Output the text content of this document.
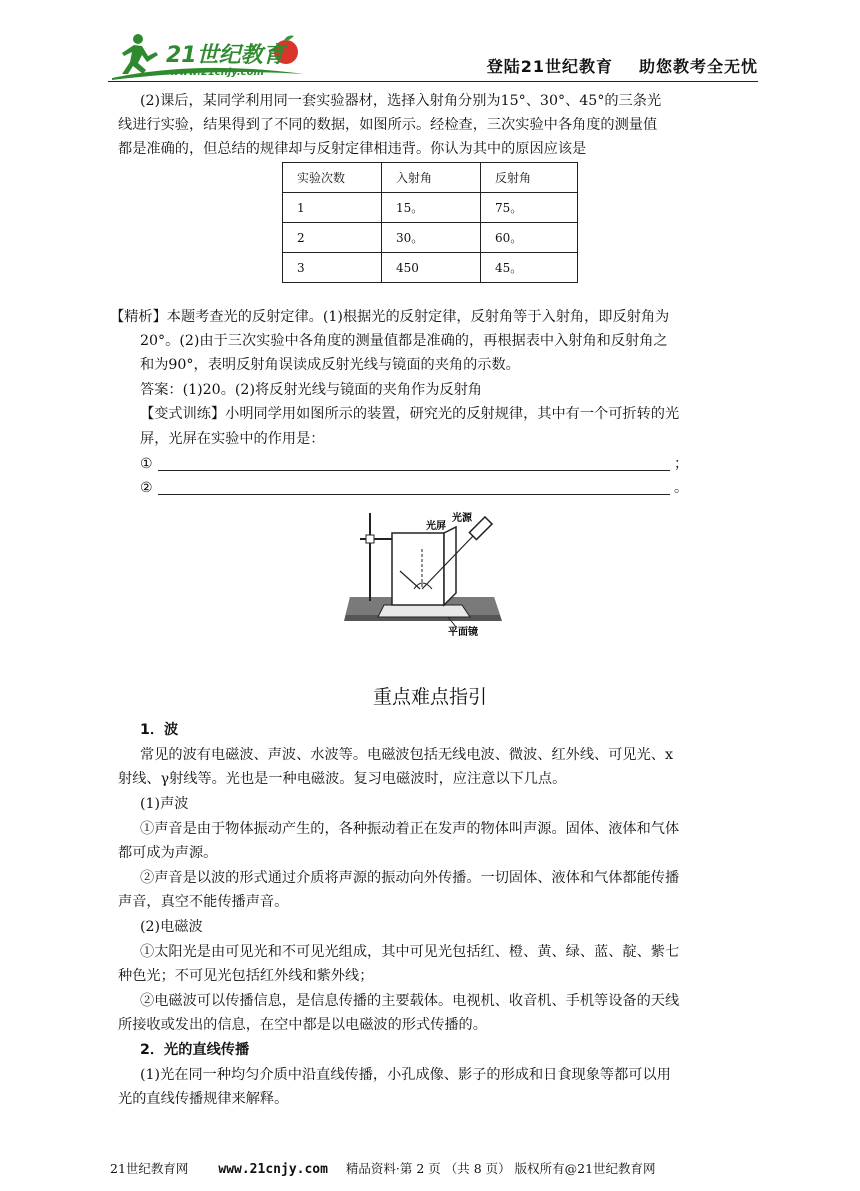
21世纪教育
www.21cnjy.com	登陆21世纪教育 助您教考全无忧
(2)课后，某同学利用同一套实验器材，选择入射角分别为15°、30°、45°的三条光
线进行实验，结果得到了不同的数据，如图所示。经检查，三次实验中各角度的测量值
都是准确的，但总结的规律却与反射定律相违背。你认为其中的原因应该是
实验次数	入射角	反射角
1	15。	75。
2	30。	60。
3	450	45。
【精析】本题考查光的反射定律。(1)根据光的反射定律，反射角等于入射角，即反射角为
20°。(2)由于三次实验中各角度的测量值都是准确的，再根据表中入射角和反射角之
和为90°，表明反射角误读成反射光线与镜面的夹角的示数。
答案：(1)20。(2)将反射光线与镜面的夹角作为反射角
【变式训练】小明同学用如图所示的装置，研究光的反射规律，其中有一个可折转的光
屏，光屏在实验中的作用是：
①	；
②	。
光屏
光源
平面镜
重点难点指引
1．波
常见的波有电磁波、声波、水波等。电磁波包括无线电波、微波、红外线、可见光、x
射线、γ射线等。光也是一种电磁波。复习电磁波时，应注意以下几点。
(1)声波
①声音是由于物体振动产生的，各种振动着正在发声的物体叫声源。固体、液体和气体
都可成为声源。
②声音是以波的形式通过介质将声源的振动向外传播。一切固体、液体和气体都能传播
声音，真空不能传播声音。
(2)电磁波
①太阳光是由可见光和不可见光组成，其中可见光包括红、橙、黄、绿、蓝、靛、紫七
种色光；不可见光包括红外线和紫外线；
②电磁波可以传播信息，是信息传播的主要载体。电视机、收音机、手机等设备的天线
所接收或发出的信息，在空中都是以电磁波的形式传播的。
2．光的直线传播
(1)光在同一种均匀介质中沿直线传播，小孔成像、影子的形成和日食现象等都可以用
光的直线传播规律来解释。
21世纪教育网 www.21cnjy.com 精品资料·第 2 页 （共 8 页） 版权所有@21世纪教育网
